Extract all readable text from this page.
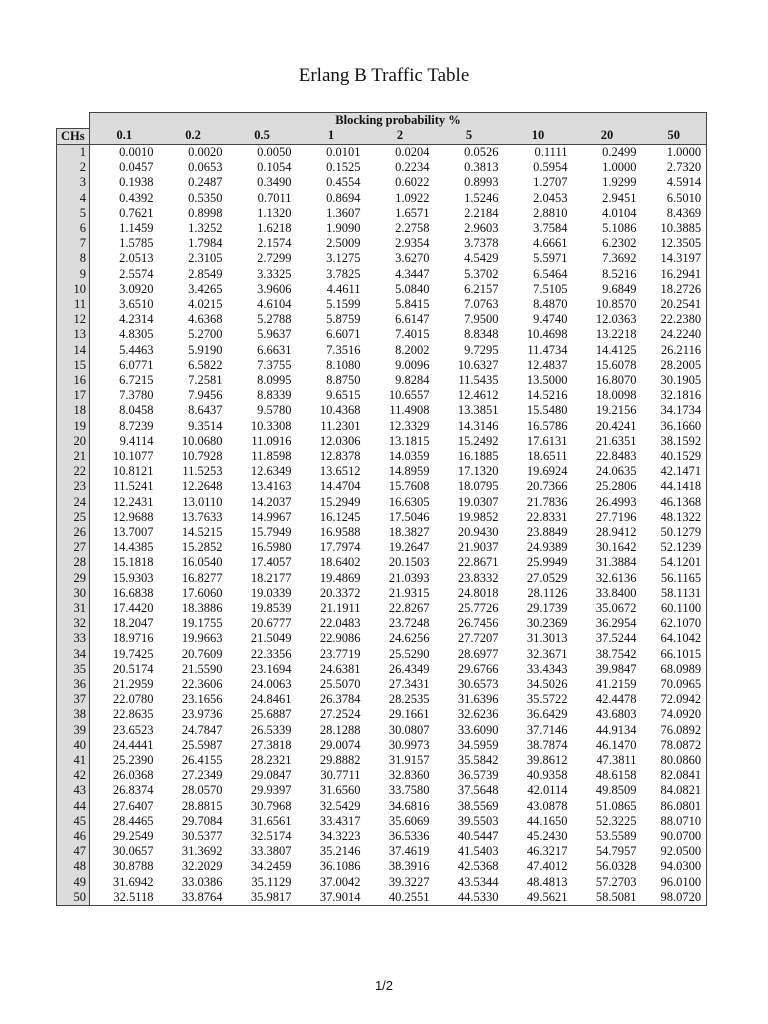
Erlang B Traffic Table
	Blocking probability %								
CHs	0.1	0.2	0.5	1	2	5	10	20	50
1	0.0010	0.0020	0.0050	0.0101	0.0204	0.0526	0.1111	0.2499	1.0000
2	0.0457	0.0653	0.1054	0.1525	0.2234	0.3813	0.5954	1.0000	2.7320
3	0.1938	0.2487	0.3490	0.4554	0.6022	0.8993	1.2707	1.9299	4.5914
4	0.4392	0.5350	0.7011	0.8694	1.0922	1.5246	2.0453	2.9451	6.5010
5	0.7621	0.8998	1.1320	1.3607	1.6571	2.2184	2.8810	4.0104	8.4369
6	1.1459	1.3252	1.6218	1.9090	2.2758	2.9603	3.7584	5.1086	10.3885
7	1.5785	1.7984	2.1574	2.5009	2.9354	3.7378	4.6661	6.2302	12.3505
8	2.0513	2.3105	2.7299	3.1275	3.6270	4.5429	5.5971	7.3692	14.3197
9	2.5574	2.8549	3.3325	3.7825	4.3447	5.3702	6.5464	8.5216	16.2941
10	3.0920	3.4265	3.9606	4.4611	5.0840	6.2157	7.5105	9.6849	18.2726
11	3.6510	4.0215	4.6104	5.1599	5.8415	7.0763	8.4870	10.8570	20.2541
12	4.2314	4.6368	5.2788	5.8759	6.6147	7.9500	9.4740	12.0363	22.2380
13	4.8305	5.2700	5.9637	6.6071	7.4015	8.8348	10.4698	13.2218	24.2240
14	5.4463	5.9190	6.6631	7.3516	8.2002	9.7295	11.4734	14.4125	26.2116
15	6.0771	6.5822	7.3755	8.1080	9.0096	10.6327	12.4837	15.6078	28.2005
16	6.7215	7.2581	8.0995	8.8750	9.8284	11.5435	13.5000	16.8070	30.1905
17	7.3780	7.9456	8.8339	9.6515	10.6557	12.4612	14.5216	18.0098	32.1816
18	8.0458	8.6437	9.5780	10.4368	11.4908	13.3851	15.5480	19.2156	34.1734
19	8.7239	9.3514	10.3308	11.2301	12.3329	14.3146	16.5786	20.4241	36.1660
20	9.4114	10.0680	11.0916	12.0306	13.1815	15.2492	17.6131	21.6351	38.1592
21	10.1077	10.7928	11.8598	12.8378	14.0359	16.1885	18.6511	22.8483	40.1529
22	10.8121	11.5253	12.6349	13.6512	14.8959	17.1320	19.6924	24.0635	42.1471
23	11.5241	12.2648	13.4163	14.4704	15.7608	18.0795	20.7366	25.2806	44.1418
24	12.2431	13.0110	14.2037	15.2949	16.6305	19.0307	21.7836	26.4993	46.1368
25	12.9688	13.7633	14.9967	16.1245	17.5046	19.9852	22.8331	27.7196	48.1322
26	13.7007	14.5215	15.7949	16.9588	18.3827	20.9430	23.8849	28.9412	50.1279
27	14.4385	15.2852	16.5980	17.7974	19.2647	21.9037	24.9389	30.1642	52.1239
28	15.1818	16.0540	17.4057	18.6402	20.1503	22.8671	25.9949	31.3884	54.1201
29	15.9303	16.8277	18.2177	19.4869	21.0393	23.8332	27.0529	32.6136	56.1165
30	16.6838	17.6060	19.0339	20.3372	21.9315	24.8018	28.1126	33.8400	58.1131
31	17.4420	18.3886	19.8539	21.1911	22.8267	25.7726	29.1739	35.0672	60.1100
32	18.2047	19.1755	20.6777	22.0483	23.7248	26.7456	30.2369	36.2954	62.1070
33	18.9716	19.9663	21.5049	22.9086	24.6256	27.7207	31.3013	37.5244	64.1042
34	19.7425	20.7609	22.3356	23.7719	25.5290	28.6977	32.3671	38.7542	66.1015
35	20.5174	21.5590	23.1694	24.6381	26.4349	29.6766	33.4343	39.9847	68.0989
36	21.2959	22.3606	24.0063	25.5070	27.3431	30.6573	34.5026	41.2159	70.0965
37	22.0780	23.1656	24.8461	26.3784	28.2535	31.6396	35.5722	42.4478	72.0942
38	22.8635	23.9736	25.6887	27.2524	29.1661	32.6236	36.6429	43.6803	74.0920
39	23.6523	24.7847	26.5339	28.1288	30.0807	33.6090	37.7146	44.9134	76.0892
40	24.4441	25.5987	27.3818	29.0074	30.9973	34.5959	38.7874	46.1470	78.0872
41	25.2390	26.4155	28.2321	29.8882	31.9157	35.5842	39.8612	47.3811	80.0860
42	26.0368	27.2349	29.0847	30.7711	32.8360	36.5739	40.9358	48.6158	82.0841
43	26.8374	28.0570	29.9397	31.6560	33.7580	37.5648	42.0114	49.8509	84.0821
44	27.6407	28.8815	30.7968	32.5429	34.6816	38.5569	43.0878	51.0865	86.0801
45	28.4465	29.7084	31.6561	33.4317	35.6069	39.5503	44.1650	52.3225	88.0710
46	29.2549	30.5377	32.5174	34.3223	36.5336	40.5447	45.2430	53.5589	90.0700
47	30.0657	31.3692	33.3807	35.2146	37.4619	41.5403	46.3217	54.7957	92.0500
48	30.8788	32.2029	34.2459	36.1086	38.3916	42.5368	47.4012	56.0328	94.0300
49	31.6942	33.0386	35.1129	37.0042	39.3227	43.5344	48.4813	57.2703	96.0100
50	32.5118	33.8764	35.9817	37.9014	40.2551	44.5330	49.5621	58.5081	98.0720
1/2
